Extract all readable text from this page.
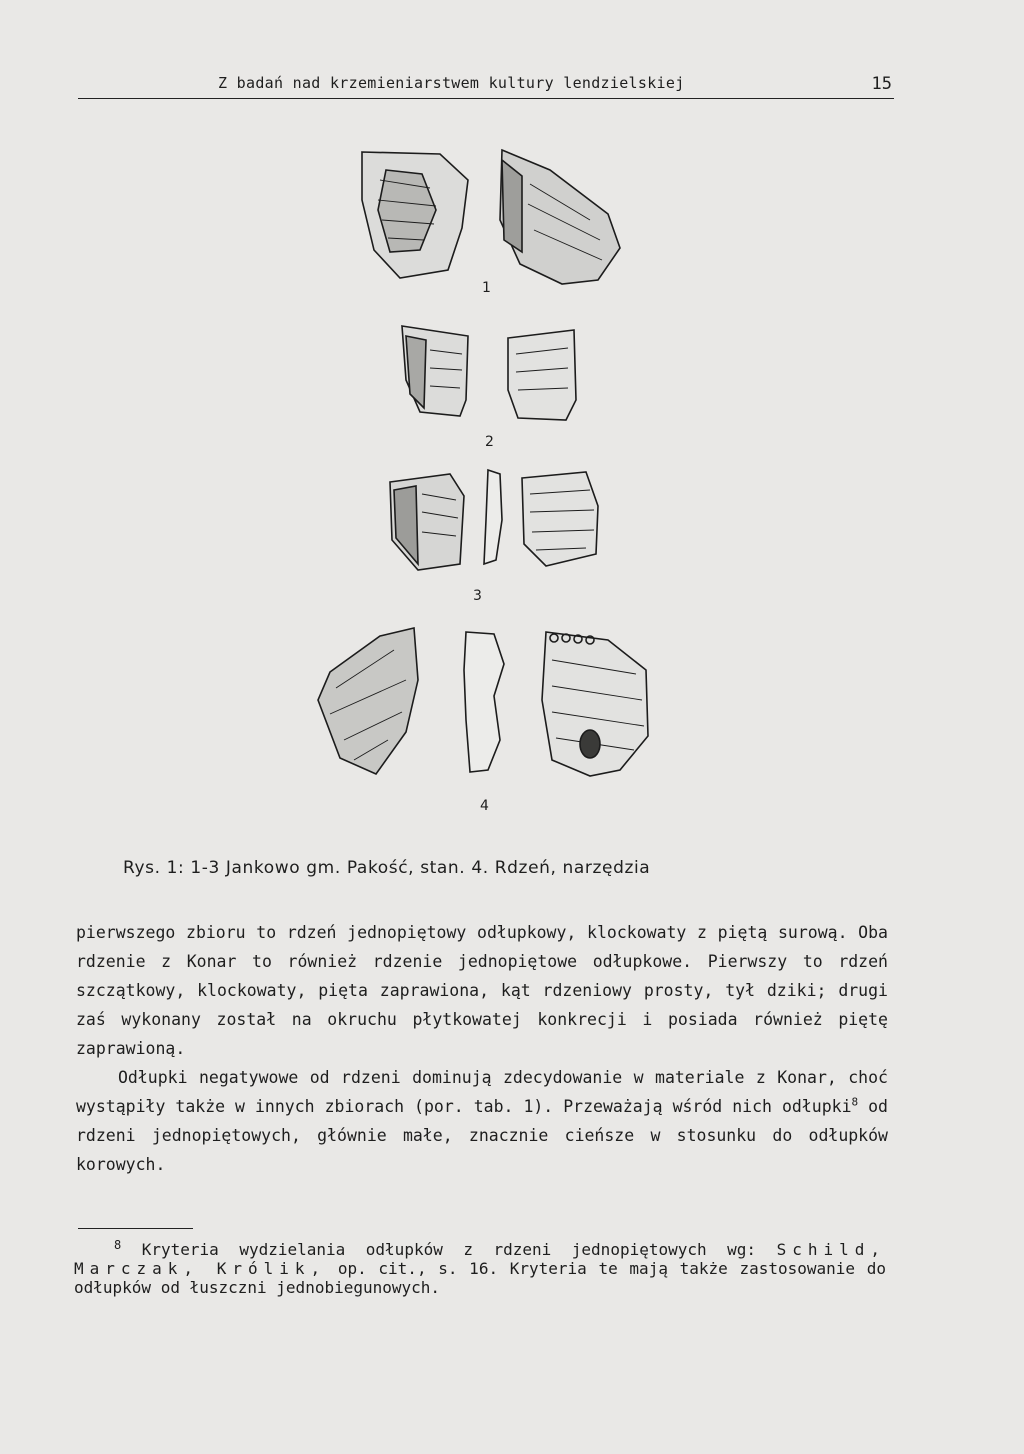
Z badań nad krzemieniarstwem kultury lendzielskiej	15
1
2
3
4
Rys. 1: 1-3 Jankowo gm. Pakość, stan. 4. Rdzeń, narzędzia

pierwszego zbioru to rdzeń jednopiętowy odłupkowy, klockowaty z piętą surową. Oba rdzenie z Konar to również rdzenie jednopiętowe odłupkowe. Pierwszy to rdzeń szczątkowy, klockowaty, pięta zaprawiona, kąt rdzeniowy prosty, tył dziki; drugi zaś wykonany został na okruchu płytkowatej konkrecji i posiada również piętę zaprawioną.

Odłupki negatywowe od rdzeni dominują zdecydowanie w materiale z Konar, choć wystąpiły także w innych zbiorach (por. tab. 1). Przeważają wśród nich odłupki$^8$ od rdzeni jednopiętowych, głównie małe, znacznie cieńsze w stosunku do odłupków korowych.

$^8$ Kryteria wydzielania odłupków z rdzeni jednopiętowych wg: Schild, Marczak, Królik, op. cit., s. 16. Kryteria te mają także zastosowanie do odłupków od łuszczni jednobiegunowych.
